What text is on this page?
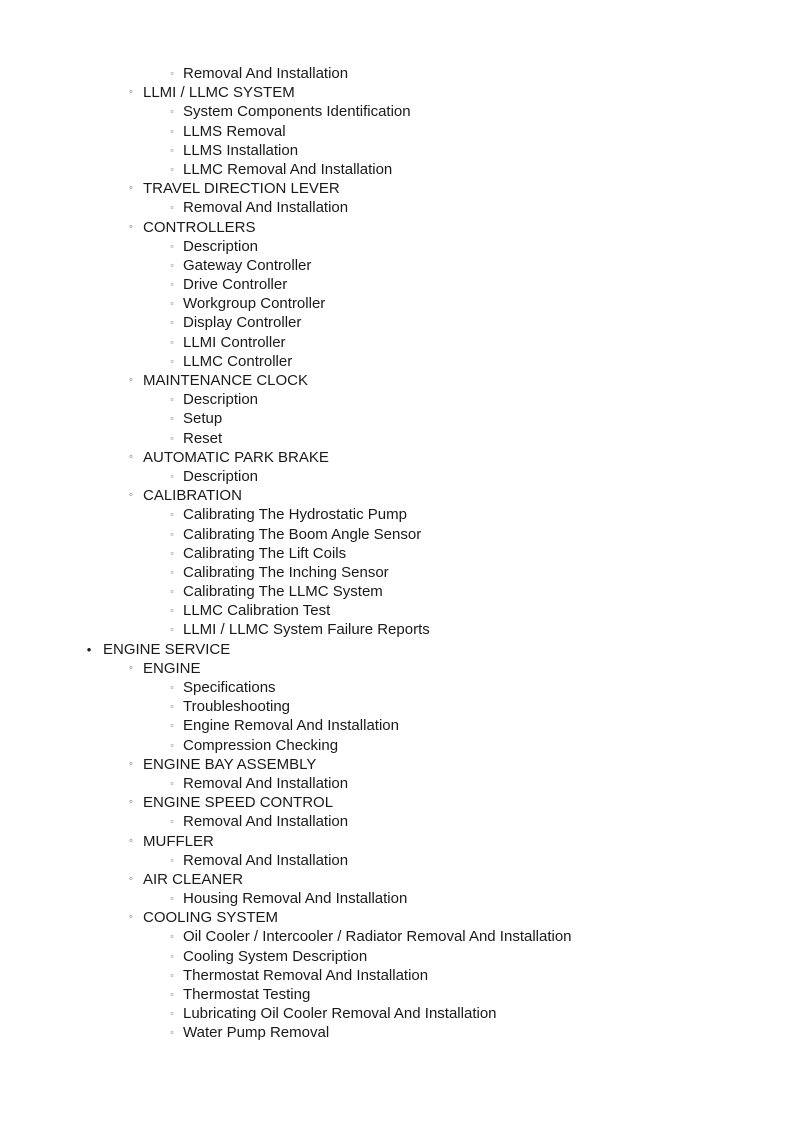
▫ Removal And Installation
◦ LLMI / LLMC SYSTEM
▫ System Components Identification
▫ LLMS Removal
▫ LLMS Installation
▫ LLMC Removal And Installation
◦ TRAVEL DIRECTION LEVER
▫ Removal And Installation
◦ CONTROLLERS
▫ Description
▫ Gateway Controller
▫ Drive Controller
▫ Workgroup Controller
▫ Display Controller
▫ LLMI Controller
▫ LLMC Controller
◦ MAINTENANCE CLOCK
▫ Description
▫ Setup
▫ Reset
◦ AUTOMATIC PARK BRAKE
▫ Description
◦ CALIBRATION
▫ Calibrating The Hydrostatic Pump
▫ Calibrating The Boom Angle Sensor
▫ Calibrating The Lift Coils
▫ Calibrating The Inching Sensor
▫ Calibrating The LLMC System
▫ LLMC Calibration Test
▫ LLMI / LLMC System Failure Reports
• ENGINE SERVICE
◦ ENGINE
▫ Specifications
▫ Troubleshooting
▫ Engine Removal And Installation
▫ Compression Checking
◦ ENGINE BAY ASSEMBLY
▫ Removal And Installation
◦ ENGINE SPEED CONTROL
▫ Removal And Installation
◦ MUFFLER
▫ Removal And Installation
◦ AIR CLEANER
▫ Housing Removal And Installation
◦ COOLING SYSTEM
▫ Oil Cooler / Intercooler / Radiator Removal And Installation
▫ Cooling System Description
▫ Thermostat Removal And Installation
▫ Thermostat Testing
▫ Lubricating Oil Cooler Removal And Installation
▫ Water Pump Removal
